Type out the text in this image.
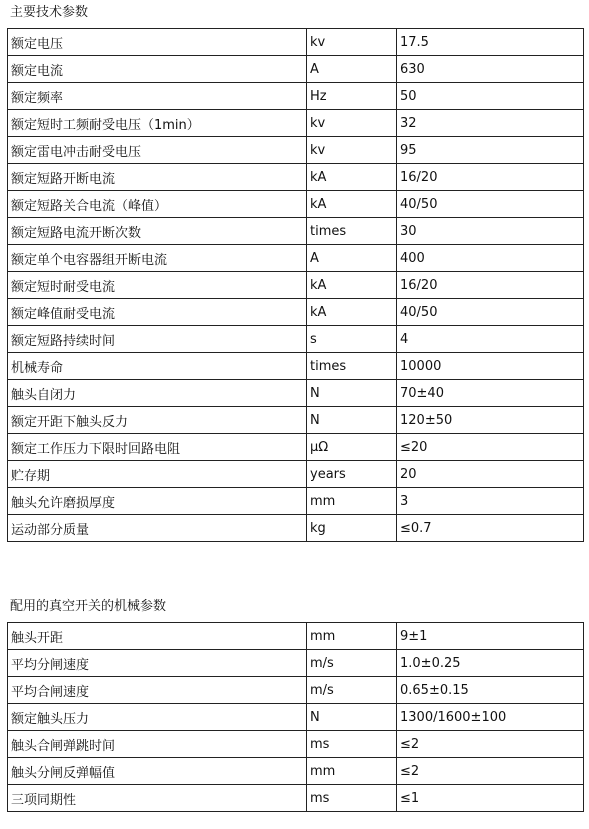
主要技术参数
额定电压	kv	17.5
额定电流	A	630
额定频率	Hz	50
额定短时工频耐受电压（1min）	kv	32
额定雷电冲击耐受电压	kv	95
额定短路开断电流	kA	16/20
额定短路关合电流（峰值）	kA	40/50
额定短路电流开断次数	times	30
额定单个电容器组开断电流	A	400
额定短时耐受电流	kA	16/20
额定峰值耐受电流	kA	40/50
额定短路持续时间	s	4
机械寿命	times	10000
触头自闭力	N	70±40
额定开距下触头反力	N	120±50
额定工作压力下限时回路电阻	μΩ	≤20
贮存期	years	20
触头允许磨损厚度	mm	3
运动部分质量	kg	≤0.7
配用的真空开关的机械参数
触头开距	mm	9±1
平均分闸速度	m/s	1.0±0.25
平均合闸速度	m/s	0.65±0.15
额定触头压力	N	1300/1600±100
触头合闸弹跳时间	ms	≤2
触头分闸反弹幅值	mm	≤2
三项同期性	ms	≤1
